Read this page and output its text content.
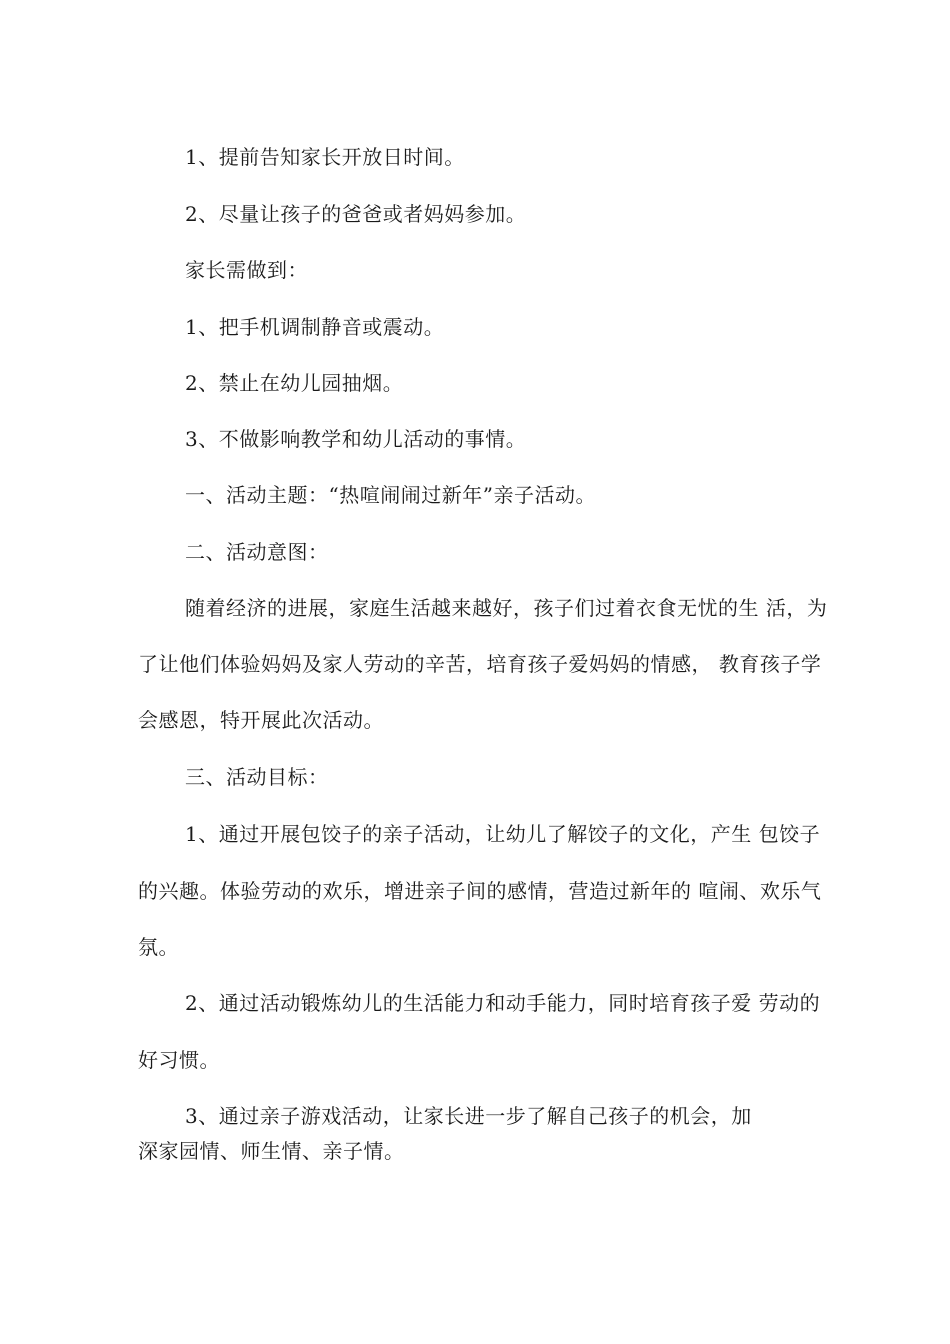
1、提前告知家长开放日时间。
2、尽量让孩子的爸爸或者妈妈参加。
家长需做到：
1、把手机调制静音或震动。
2、禁止在幼儿园抽烟。
3、不做影响教学和幼儿活动的事情。
一、活动主题：“热喧闹闹过新年”亲子活动。
二、活动意图：
随着经济的进展，家庭生活越来越好，孩子们过着衣食无忧的生 活，为
了让他们体验妈妈及家人劳动的辛苦，培育孩子爱妈妈的情感， 教育孩子学
会感恩，特开展此次活动。
三、活动目标：
1、通过开展包饺子的亲子活动，让幼儿了解饺子的文化，产生 包饺子
的兴趣。体验劳动的欢乐，增进亲子间的感情，营造过新年的 喧闹、欢乐气
氛。
2、通过活动锻炼幼儿的生活能力和动手能力，同时培育孩子爱 劳动的
好习惯。
3、通过亲子游戏活动，让家长进一步了解自己孩子的机会，加
深家园情、师生情、亲子情。
